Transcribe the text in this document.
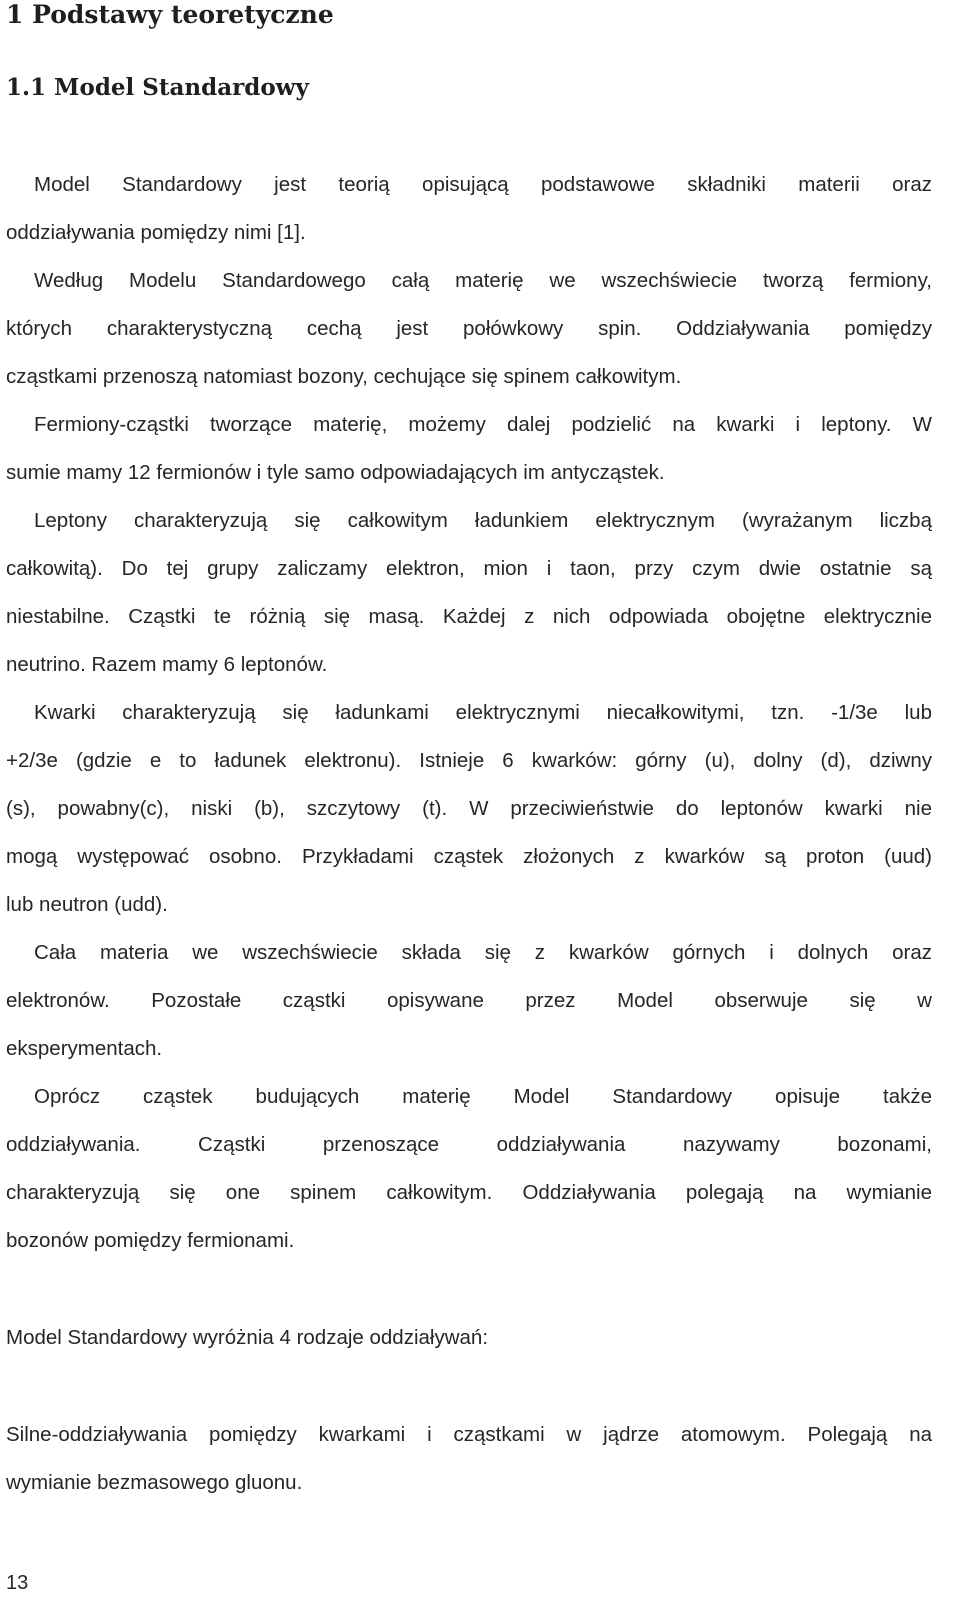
1 Podstawy teoretyczne
1.1 Model Standardowy

Model Standardowy jest teorią opisującą podstawowe składniki materii oraz

oddziaływania pomiędzy nimi [1].

Według Modelu Standardowego całą materię we wszechświecie tworzą fermiony,

których charakterystyczną cechą jest połówkowy spin. Oddziaływania pomiędzy

cząstkami przenoszą natomiast bozony, cechujące się spinem całkowitym.

Fermiony-cząstki tworzące materię, możemy dalej podzielić na kwarki i leptony. W

sumie mamy 12 fermionów i tyle samo odpowiadających im antycząstek.

Leptony charakteryzują się całkowitym ładunkiem elektrycznym (wyrażanym liczbą

całkowitą). Do tej grupy zaliczamy elektron, mion i taon, przy czym dwie ostatnie są

niestabilne. Cząstki te różnią się masą. Każdej z nich odpowiada obojętne elektrycznie

neutrino. Razem mamy 6 leptonów.

Kwarki charakteryzują się ładunkami elektrycznymi niecałkowitymi, tzn. -1/3e lub

+2/3e (gdzie e to ładunek elektronu). Istnieje 6 kwarków: górny (u), dolny (d), dziwny

(s), powabny(c), niski (b), szczytowy (t). W przeciwieństwie do leptonów kwarki nie

mogą występować osobno. Przykładami cząstek złożonych z kwarków są proton (uud)

lub neutron (udd).

Cała materia we wszechświecie składa się z kwarków górnych i dolnych oraz

elektronów. Pozostałe cząstki opisywane przez Model obserwuje się w

eksperymentach.

Oprócz cząstek budujących materię Model Standardowy opisuje także

oddziaływania. Cząstki przenoszące oddziaływania nazywamy bozonami,

charakteryzują się one spinem całkowitym. Oddziaływania polegają na wymianie

bozonów pomiędzy fermionami.

Model Standardowy wyróżnia 4 rodzaje oddziaływań:

Silne-oddziaływania pomiędzy kwarkami i cząstkami w jądrze atomowym. Polegają na

wymianie bezmasowego gluonu.

13
